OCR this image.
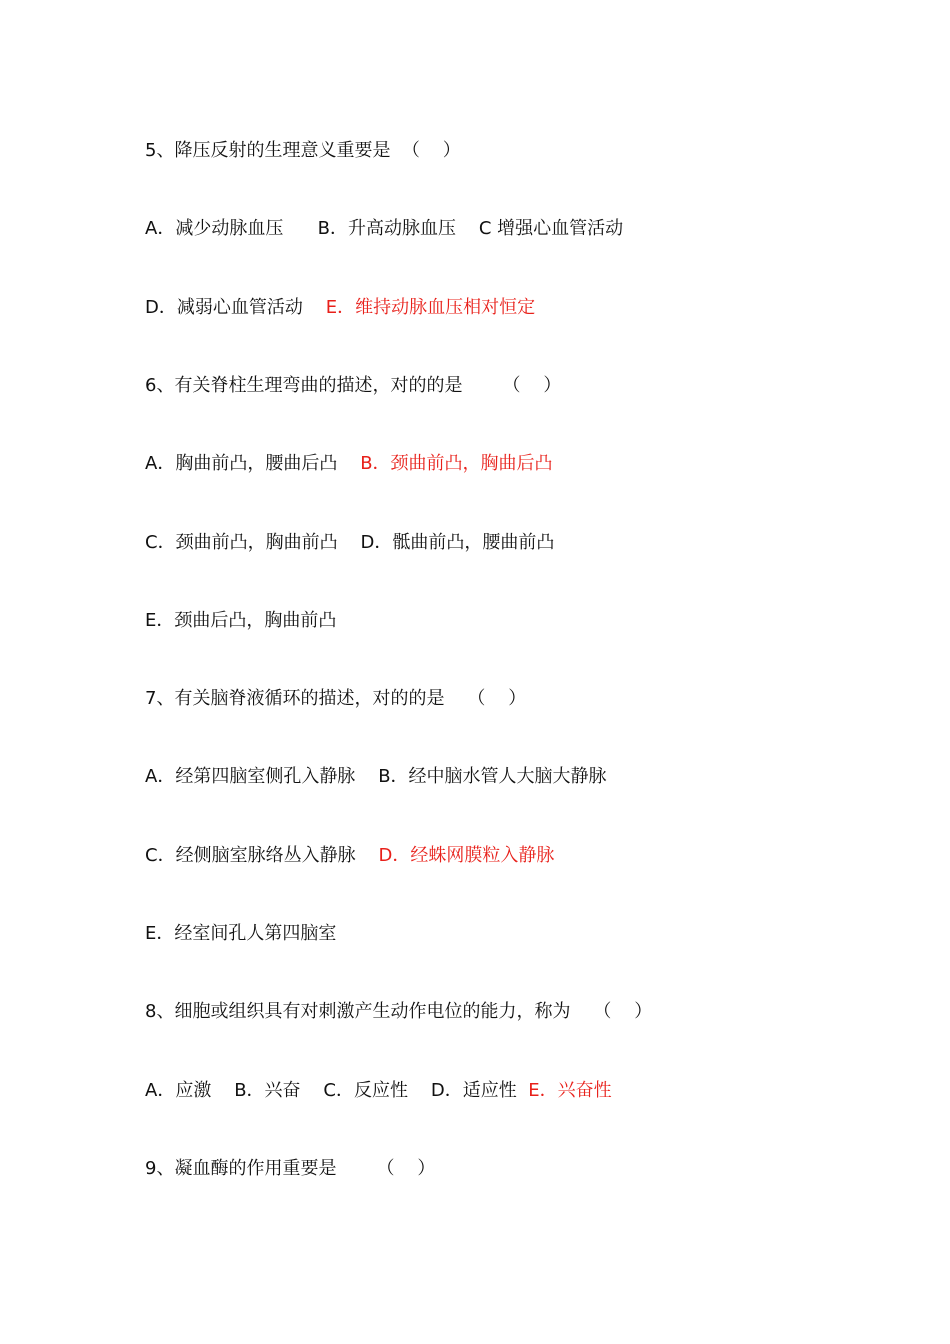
5、降压反射的生理意义重要是  （    ）
A．减少动脉血压      B．升高动脉血压    C 增强心血管活动
D．减弱心血管活动    E．维持动脉血压相对恒定
6、有关脊柱生理弯曲的描述，对的的是       （    ）
A．胸曲前凸，腰曲后凸    B．颈曲前凸，胸曲后凸
C．颈曲前凸，胸曲前凸    D．骶曲前凸，腰曲前凸
E．颈曲后凸，胸曲前凸
7、有关脑脊液循环的描述，对的的是    （    ）
A．经第四脑室侧孔入静脉    B．经中脑水管人大脑大静脉
C．经侧脑室脉络丛入静脉    D．经蛛网膜粒入静脉
E．经室间孔人第四脑室
8、细胞或组织具有对刺激产生动作电位的能力，称为    （    ）
A．应激    B．兴奋    C．反应性    D．适应性  E．兴奋性
9、凝血酶的作用重要是       （    ）
